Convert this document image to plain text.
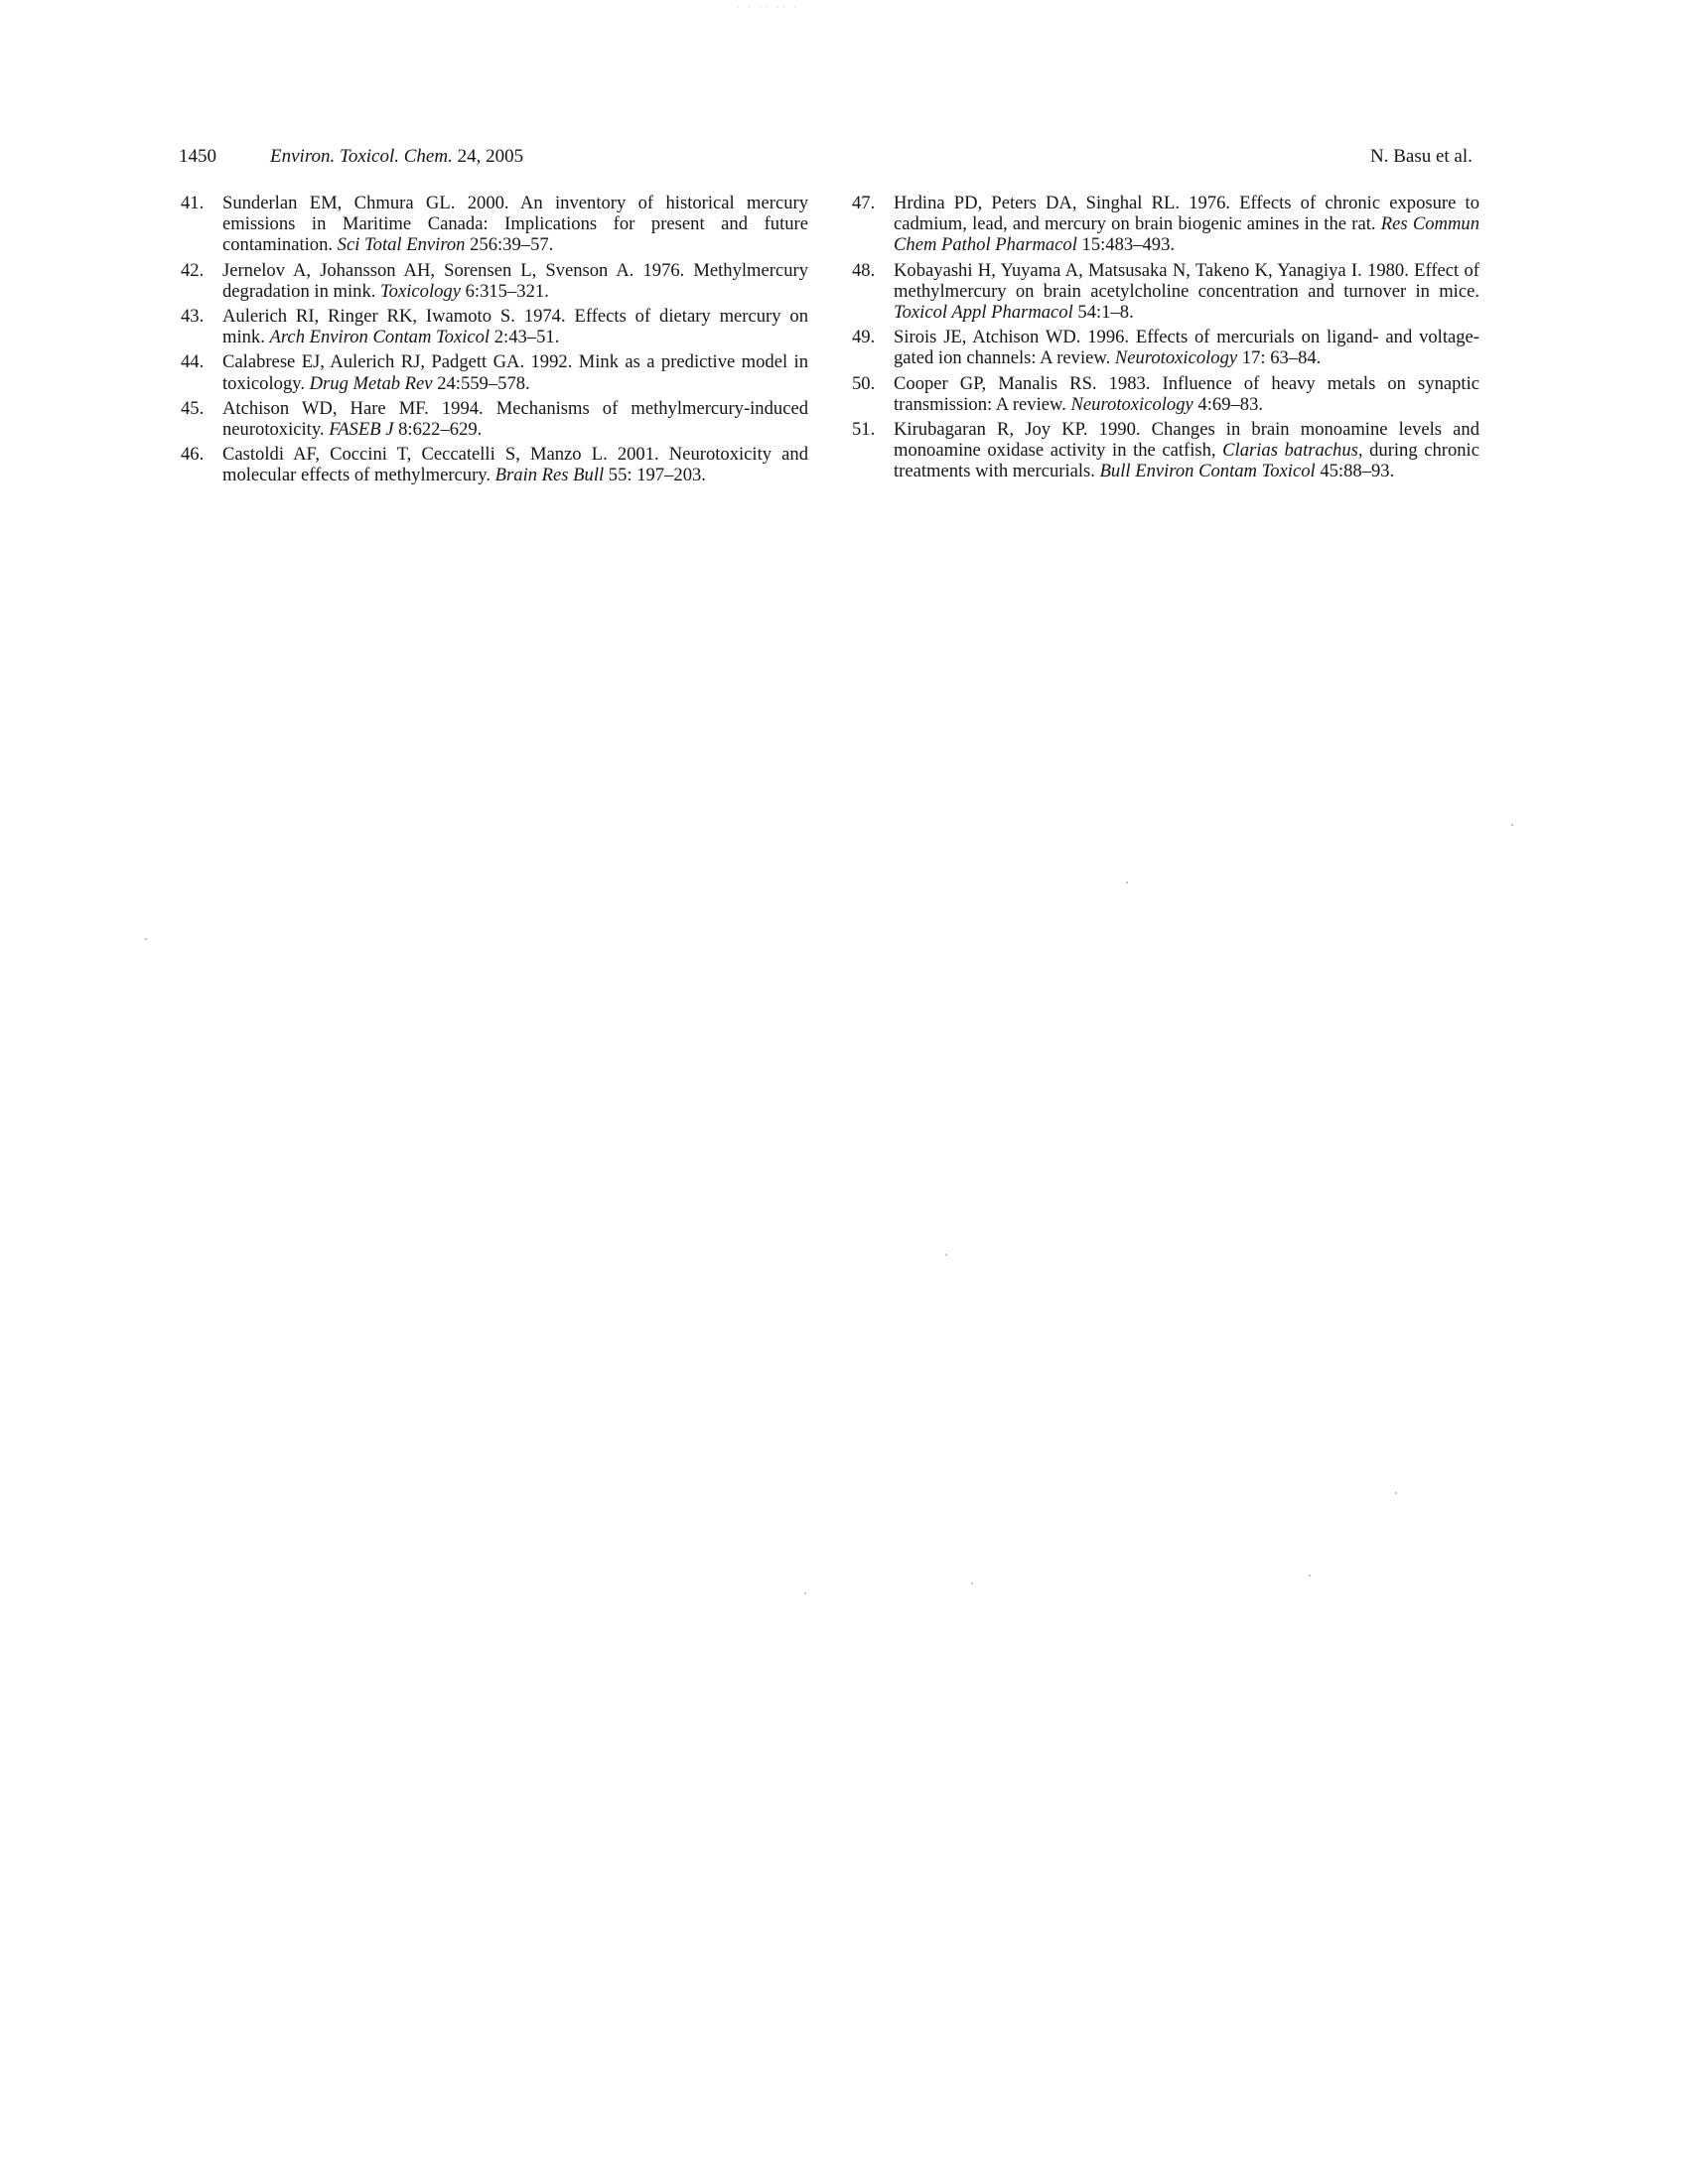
· · ·· ·· ·
1450	Environ. Toxicol. Chem. 24, 2005	N. Basu et al.
41. Sunderlan EM, Chmura GL. 2000. An inventory of historical mercury emissions in Maritime Canada: Implications for present and future contamination. Sci Total Environ 256:39–57.
42. Jernelov A, Johansson AH, Sorensen L, Svenson A. 1976. Methylmercury degradation in mink. Toxicology 6:315–321.
43. Aulerich RI, Ringer RK, Iwamoto S. 1974. Effects of dietary mercury on mink. Arch Environ Contam Toxicol 2:43–51.
44. Calabrese EJ, Aulerich RJ, Padgett GA. 1992. Mink as a predictive model in toxicology. Drug Metab Rev 24:559–578.
45. Atchison WD, Hare MF. 1994. Mechanisms of methylmercury-induced neurotoxicity. FASEB J 8:622–629.
46. Castoldi AF, Coccini T, Ceccatelli S, Manzo L. 2001. Neurotoxicity and molecular effects of methylmercury. Brain Res Bull 55: 197–203.
47. Hrdina PD, Peters DA, Singhal RL. 1976. Effects of chronic exposure to cadmium, lead, and mercury on brain biogenic amines in the rat. Res Commun Chem Pathol Pharmacol 15:483–493.
48. Kobayashi H, Yuyama A, Matsusaka N, Takeno K, Yanagiya I. 1980. Effect of methylmercury on brain acetylcholine concentration and turnover in mice. Toxicol Appl Pharmacol 54:1–8.
49. Sirois JE, Atchison WD. 1996. Effects of mercurials on ligand- and voltage-gated ion channels: A review. Neurotoxicology 17: 63–84.
50. Cooper GP, Manalis RS. 1983. Influence of heavy metals on synaptic transmission: A review. Neurotoxicology 4:69–83.
51. Kirubagaran R, Joy KP. 1990. Changes in brain monoamine levels and monoamine oxidase activity in the catfish, Clarias batrachus, during chronic treatments with mercurials. Bull Environ Contam Toxicol 45:88–93.
